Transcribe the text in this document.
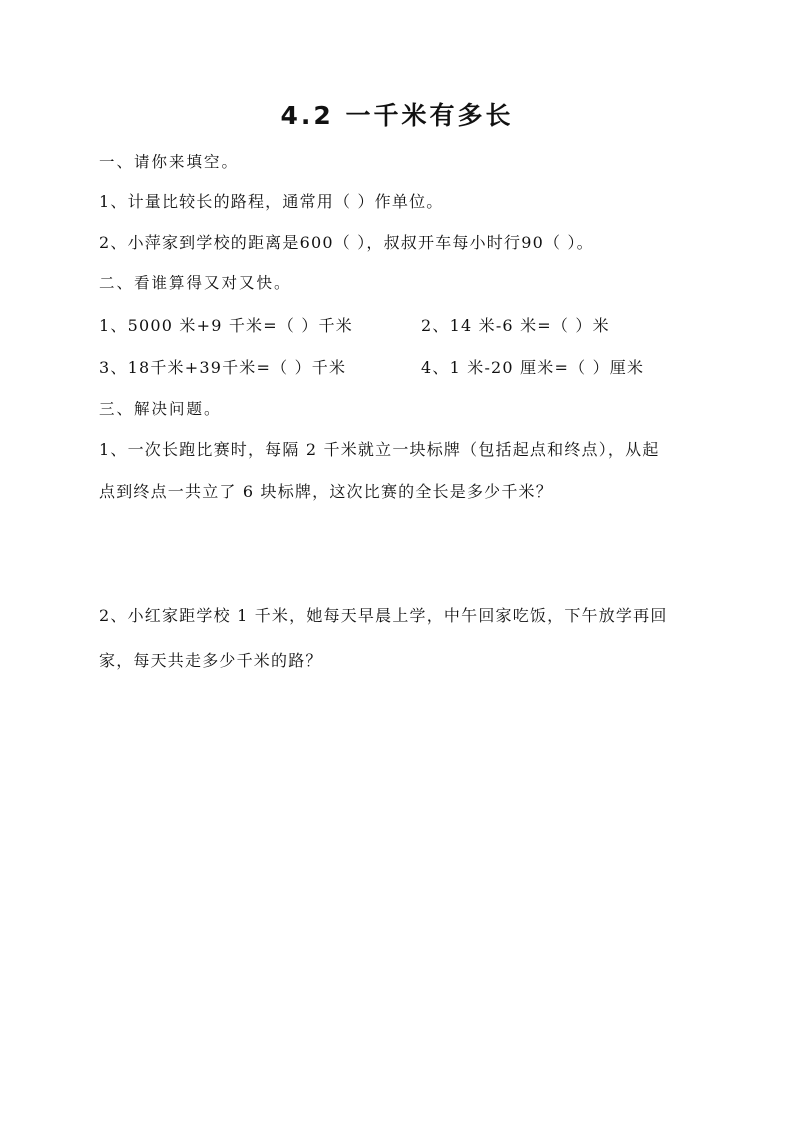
4.2 一千米有多长
一、请你来填空。
1、计量比较长的路程，通常用（ ）作单位。
2、小萍家到学校的距离是600（ ），叔叔开车每小时行90（ ）。
二、看谁算得又对又快。
1、5000 米+9 千米=（ ）千米	2、14 米-6 米=（ ）米
3、18千米+39千米=（ ）千米	4、1 米-20 厘米=（ ）厘米
三、解决问题。
1、一次长跑比赛时，每隔 2 千米就立一块标牌（包括起点和终点），从起
点到终点一共立了 6 块标牌，这次比赛的全长是多少千米？
2、小红家距学校 1 千米，她每天早晨上学，中午回家吃饭，下午放学再回
家，每天共走多少千米的路？
